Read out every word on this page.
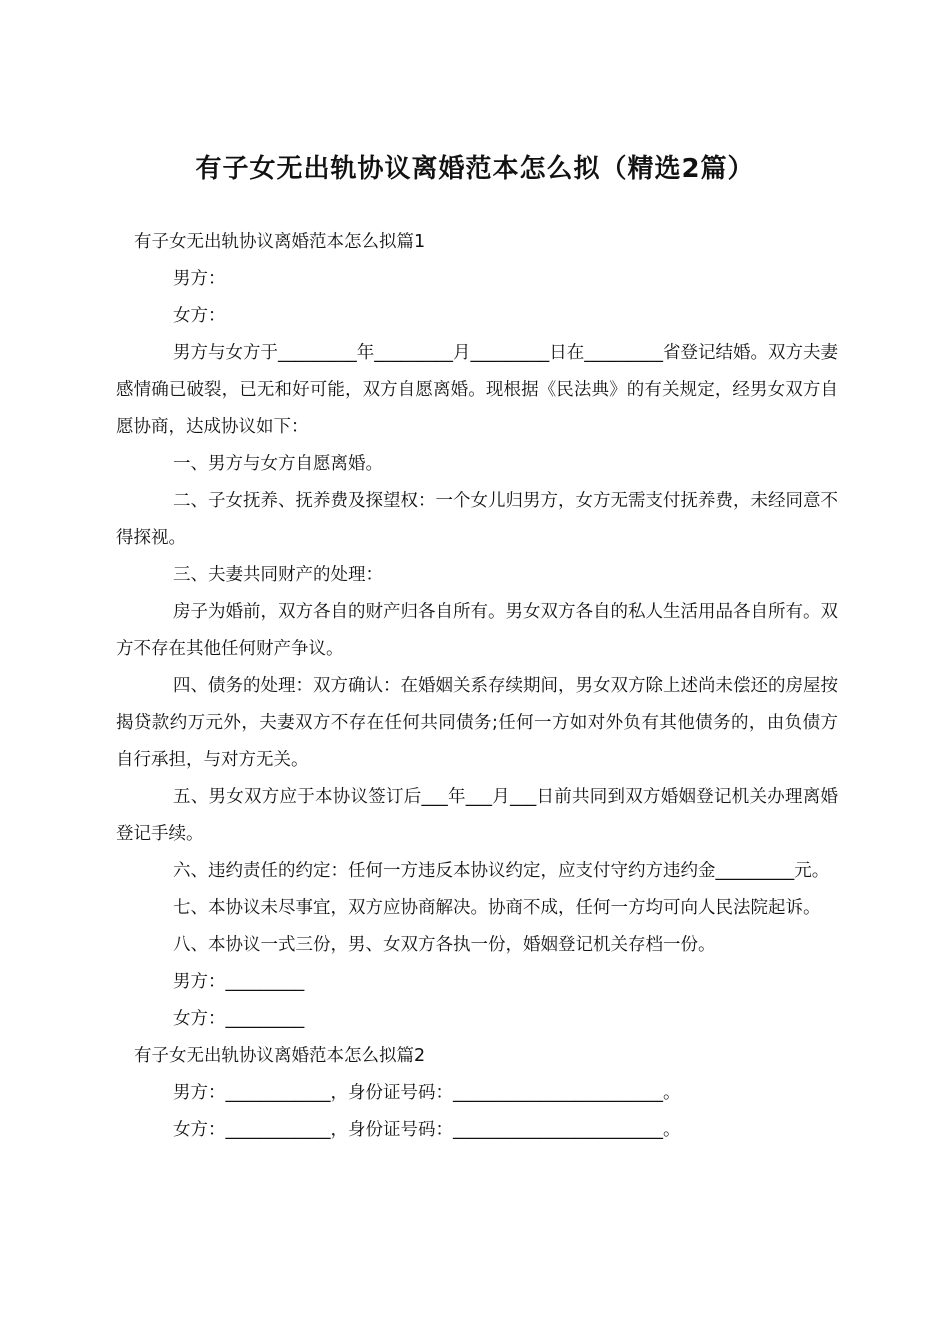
有子女无出轨协议离婚范本怎么拟（精选2篇）

有子女无出轨协议离婚范本怎么拟篇1

男方：

女方：

男方与女方于_________年_________月_________日在_________省登记结婚。双方夫妻感情确已破裂，已无和好可能，双方自愿离婚。现根据《民法典》的有关规定，经男女双方自愿协商，达成协议如下：

一、男方与女方自愿离婚。

二、子女抚养、抚养费及探望权：一个女儿归男方，女方无需支付抚养费，未经同意不得探视。

三、夫妻共同财产的处理：

房子为婚前，双方各自的财产归各自所有。男女双方各自的私人生活用品各自所有。双方不存在其他任何财产争议。

四、债务的处理：双方确认：在婚姻关系存续期间，男女双方除上述尚未偿还的房屋按揭贷款约万元外，夫妻双方不存在任何共同债务;任何一方如对外负有其他债务的，由负债方自行承担，与对方无关。

五、男女双方应于本协议签订后___年___月___日前共同到双方婚姻登记机关办理离婚登记手续。

六、违约责任的约定：任何一方违反本协议约定，应支付守约方违约金_________元。

七、本协议未尽事宜，双方应协商解决。协商不成，任何一方均可向人民法院起诉。

八、本协议一式三份，男、女双方各执一份，婚姻登记机关存档一份。

男方：_________

女方：_________

有子女无出轨协议离婚范本怎么拟篇2

男方：____________，身份证号码：________________________。

女方：____________，身份证号码：________________________。
